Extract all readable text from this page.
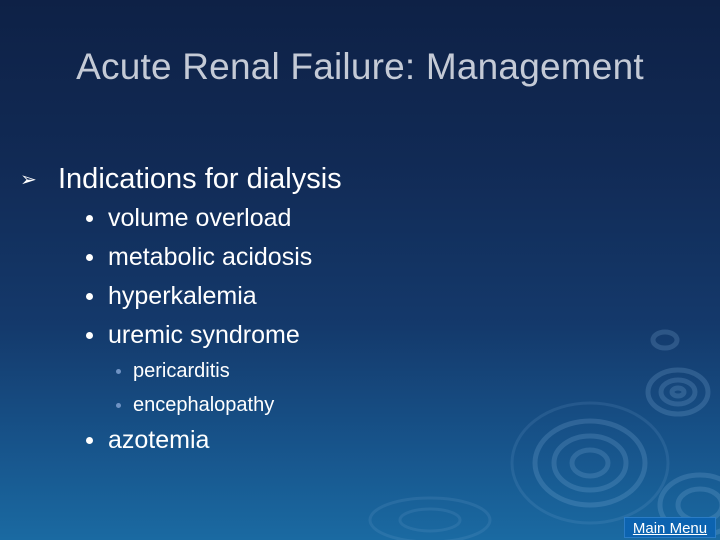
Acute Renal Failure: Management
➢ Indications for dialysis
volume overload
metabolic acidosis
hyperkalemia
uremic syndrome
pericarditis
encephalopathy
azotemia
Main Menu
